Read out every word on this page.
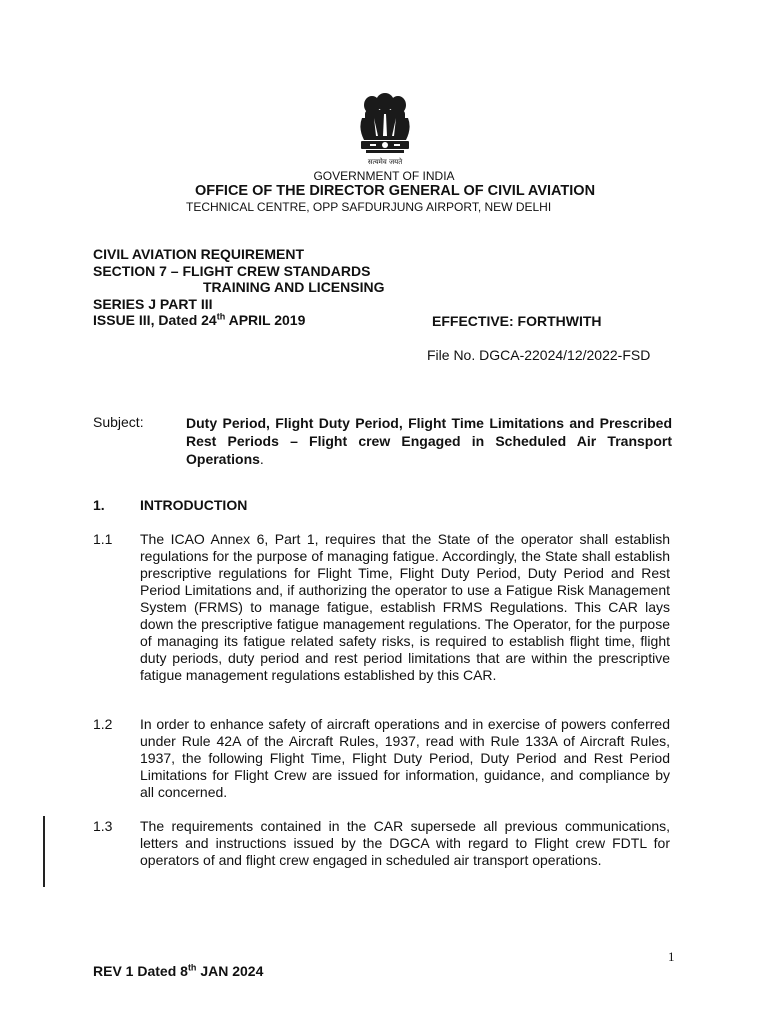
सत्यमेव जयते
GOVERNMENT OF INDIA
OFFICE OF THE DIRECTOR GENERAL OF CIVIL AVIATION
TECHNICAL CENTRE, OPP SAFDURJUNG AIRPORT, NEW DELHI
CIVIL AVIATION REQUIREMENT
SECTION 7 – FLIGHT CREW STANDARDS
TRAINING AND LICENSING
SERIES J PART III
ISSUE III, Dated 24th APRIL 2019	EFFECTIVE: FORTHWITH
File No. DGCA-22024/12/2022-FSD
Subject:	Duty Period, Flight Duty Period, Flight Time Limitations and Prescribed Rest Periods – Flight crew Engaged in Scheduled Air Transport Operations.
1.	INTRODUCTION
1.1 The ICAO Annex 6, Part 1, requires that the State of the operator shall establish regulations for the purpose of managing fatigue. Accordingly, the State shall establish prescriptive regulations for Flight Time, Flight Duty Period, Duty Period and Rest Period Limitations and, if authorizing the operator to use a Fatigue Risk Management System (FRMS) to manage fatigue, establish FRMS Regulations. This CAR lays down the prescriptive fatigue management regulations. The Operator, for the purpose of managing its fatigue related safety risks, is required to establish flight time, flight duty periods, duty period and rest period limitations that are within the prescriptive fatigue management regulations established by this CAR.
1.2 In order to enhance safety of aircraft operations and in exercise of powers conferred under Rule 42A of the Aircraft Rules, 1937, read with Rule 133A of Aircraft Rules, 1937, the following Flight Time, Flight Duty Period, Duty Period and Rest Period Limitations for Flight Crew are issued for information, guidance, and compliance by all concerned.
1.3 The requirements contained in the CAR supersede all previous communications, letters and instructions issued by the DGCA with regard to Flight crew FDTL for operators of and flight crew engaged in scheduled air transport operations.
1
REV 1 Dated 8th JAN 2024
